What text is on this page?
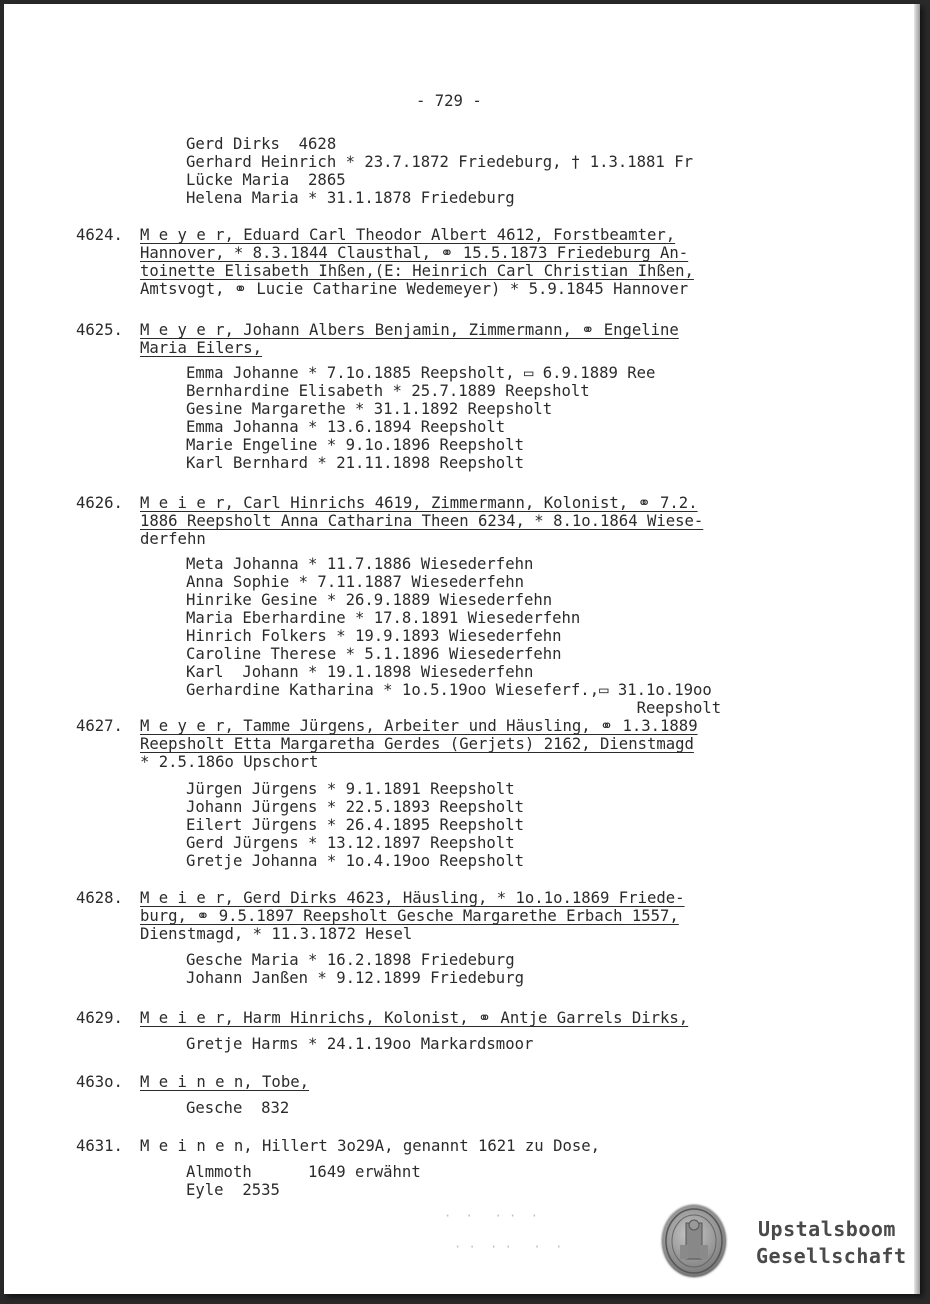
- 729 -
Gerd Dirks  4628
Gerhard Heinrich * 23.7.1872 Friedeburg, † 1.3.1881 Fr
Lücke Maria  2865
Helena Maria * 31.1.1878 Friedeburg
4624. M e y e r, Eduard Carl Theodor Albert 4612, Forstbeamter,
Hannover, * 8.3.1844 Clausthal, ⚭ 15.5.1873 Friedeburg An-
toinette Elisabeth Ihßen,(E: Heinrich Carl Christian Ihßen,
Amtsvogt, ⚭ Lucie Catharine Wedemeyer) * 5.9.1845 Hannover
4625. M e y e r, Johann Albers Benjamin, Zimmermann, ⚭ Engeline
Maria Eilers,
Emma Johanne * 7.1o.1885 Reepsholt, ▭ 6.9.1889 Ree
Bernhardine Elisabeth * 25.7.1889 Reepsholt
Gesine Margarethe * 31.1.1892 Reepsholt
Emma Johanna * 13.6.1894 Reepsholt
Marie Engeline * 9.1o.1896 Reepsholt
Karl Bernhard * 21.11.1898 Reepsholt
4626. M e i e r, Carl Hinrichs 4619, Zimmermann, Kolonist, ⚭ 7.2.
1886 Reepsholt Anna Catharina Theen 6234, * 8.1o.1864 Wiese-
derfehn
Meta Johanna * 11.7.1886 Wiesederfehn
Anna Sophie * 7.11.1887 Wiesederfehn
Hinrike Gesine * 26.9.1889 Wiesederfehn
Maria Eberhardine * 17.8.1891 Wiesederfehn
Hinrich Folkers * 19.9.1893 Wiesederfehn
Caroline Therese * 5.1.1896 Wiesederfehn
Karl  Johann * 19.1.1898 Wiesederfehn
Gerhardine Katharina * 1o.5.19oo Wieseferf.,▭ 31.1o.19oo
Reepsholt
4627. M e y e r, Tamme Jürgens, Arbeiter und Häusling, ⚭ 1.3.1889
Reepsholt Etta Margaretha Gerdes (Gerjets) 2162, Dienstmagd
* 2.5.186o Upschort
Jürgen Jürgens * 9.1.1891 Reepsholt
Johann Jürgens * 22.5.1893 Reepsholt
Eilert Jürgens * 26.4.1895 Reepsholt
Gerd Jürgens * 13.12.1897 Reepsholt
Gretje Johanna * 1o.4.19oo Reepsholt
4628. M e i e r, Gerd Dirks 4623, Häusling, * 1o.1o.1869 Friede-
burg, ⚭ 9.5.1897 Reepsholt Gesche Margarethe Erbach 1557,
Dienstmagd, * 11.3.1872 Hesel
Gesche Maria * 16.2.1898 Friedeburg
Johann Janßen * 9.12.1899 Friedeburg
4629. M e i e r, Harm Hinrichs, Kolonist, ⚭ Antje Garrels Dirks,
Gretje Harms * 24.1.19oo Markardsmoor
463o. M e i n e n, Tobe,
Gesche  832
4631. M e i n e n, Hillert 3o29A, genannt 1621 zu Dose,
Almmoth      1649 erwähnt
Eyle  2535
·  ·   · ·  ·
· ·  · ·   ·  ·
Upstalsboom
Gesellschaft
